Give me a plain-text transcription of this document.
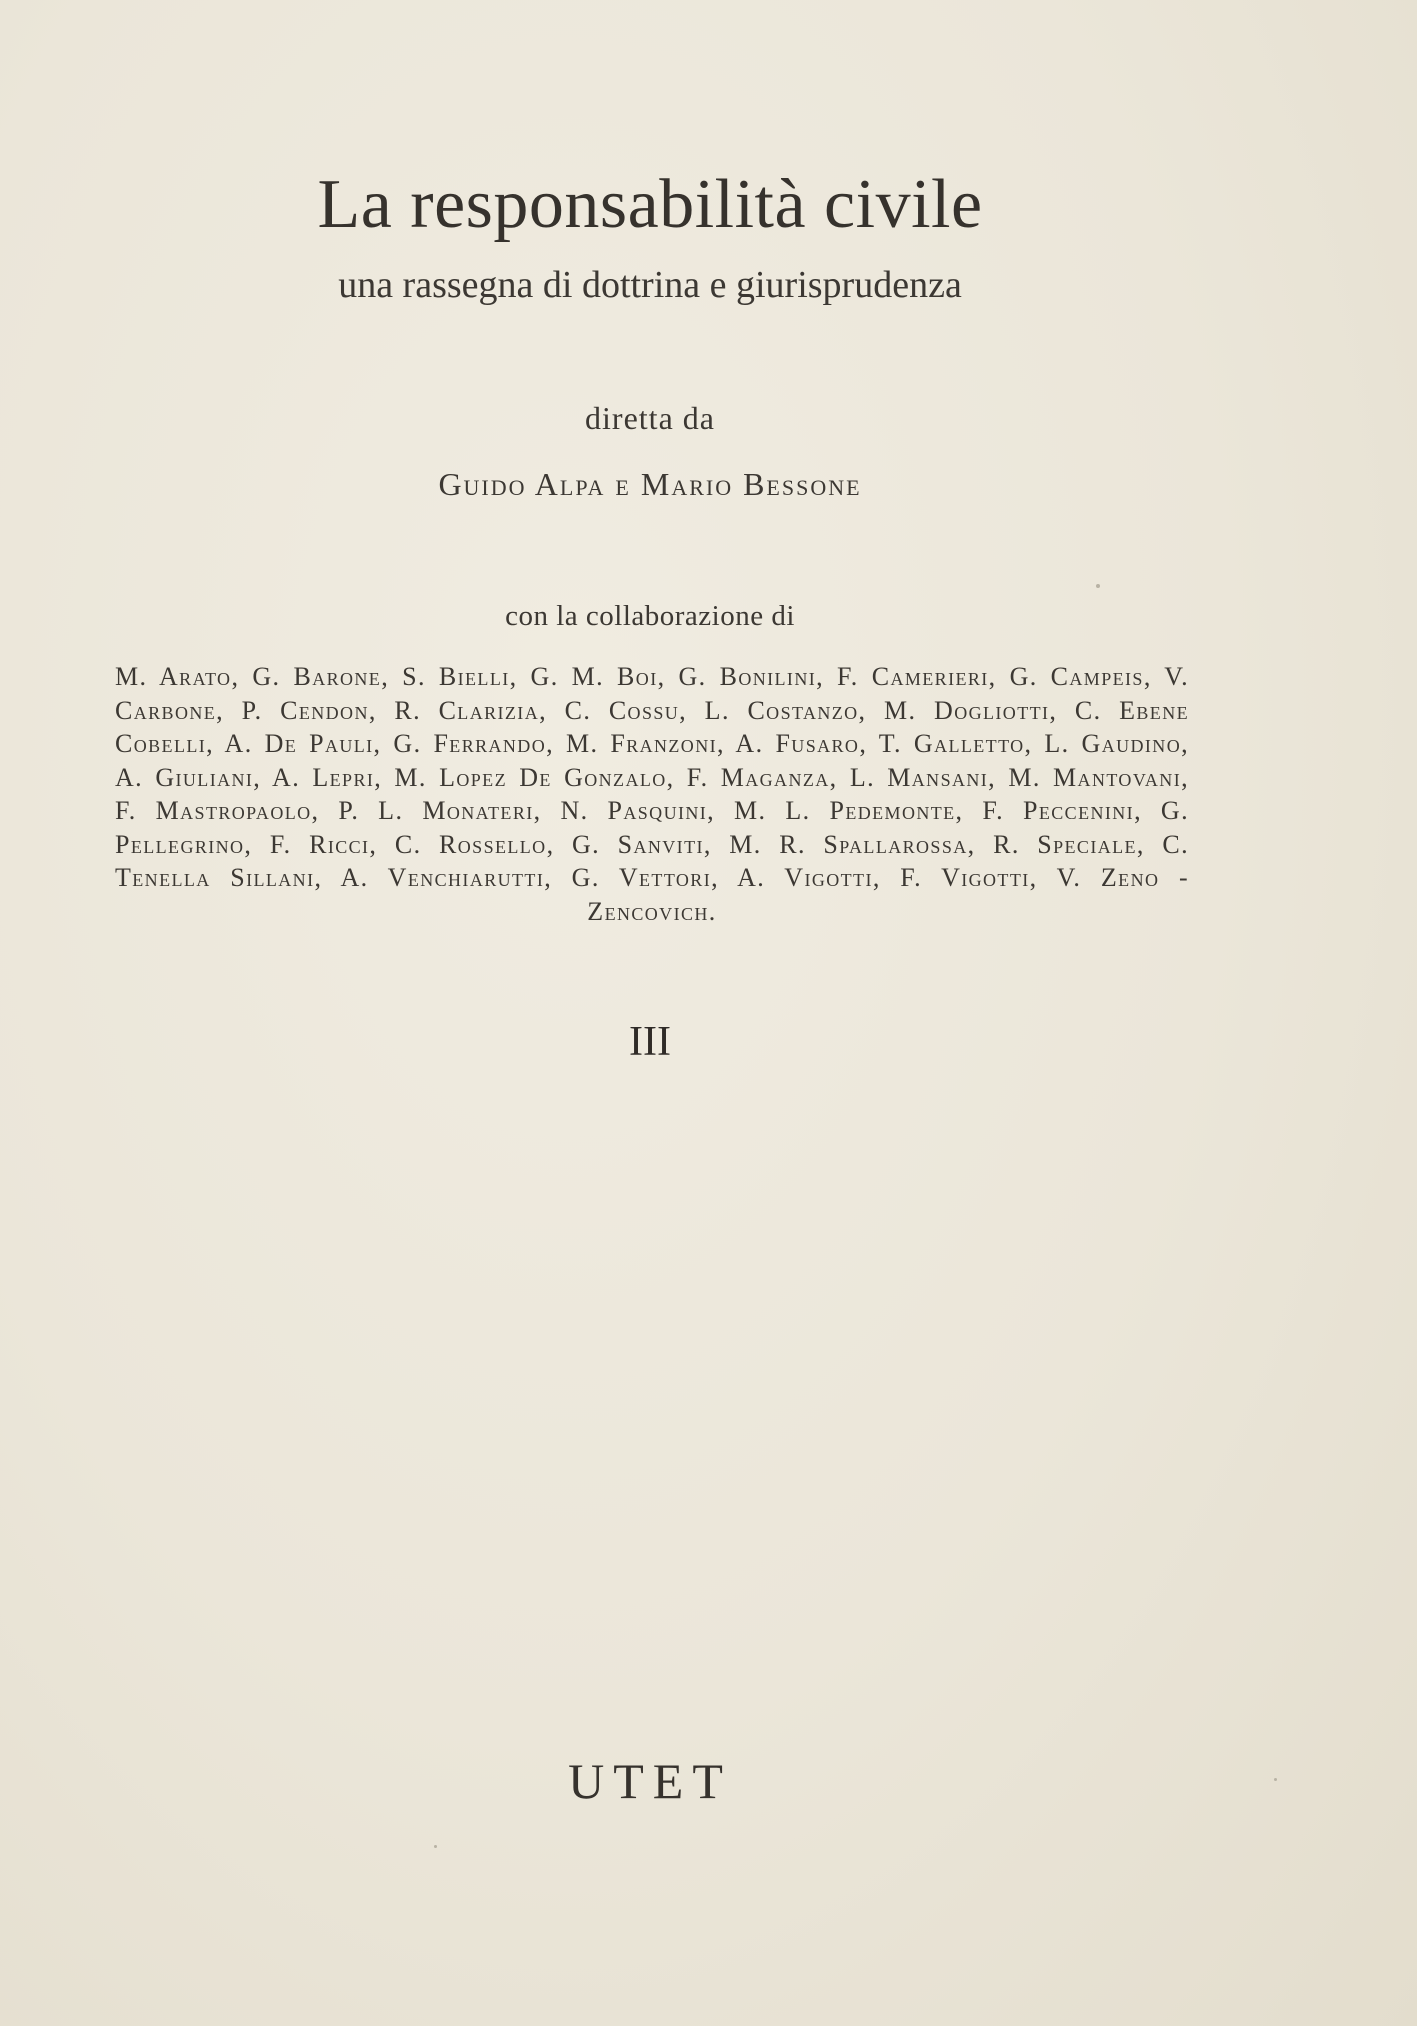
La responsabilità civile
una rassegna di dottrina e giurisprudenza
diretta da
Guido Alpa e Mario Bessone
con la collaborazione di
M. Arato, G. Barone, S. Bielli, G. M. Boi, G. Bonilini, F. Camerieri, G. Campeis, V. Carbone, P. Cendon, R. Clarizia, C. Cossu, L. Costanzo, M. Dogliotti, C. Ebene Cobelli, A. De Pauli, G. Ferrando, M. Franzoni, A. Fusaro, T. Galletto, L. Gaudino, A. Giuliani, A. Lepri, M. Lopez De Gonzalo, F. Maganza, L. Mansani, M. Mantovani, F. Mastropaolo, P. L. Monateri, N. Pasquini, M. L. Pedemonte, F. Peccenini, G. Pellegrino, F. Ricci, C. Rossello, G. Sanviti, M. R. Spallarossa, R. Speciale, C. Tenella Sillani, A. Venchiarutti, G. Vettori, A. Vigotti, F. Vigotti, V. Zeno - Zencovich.
III
UTET
